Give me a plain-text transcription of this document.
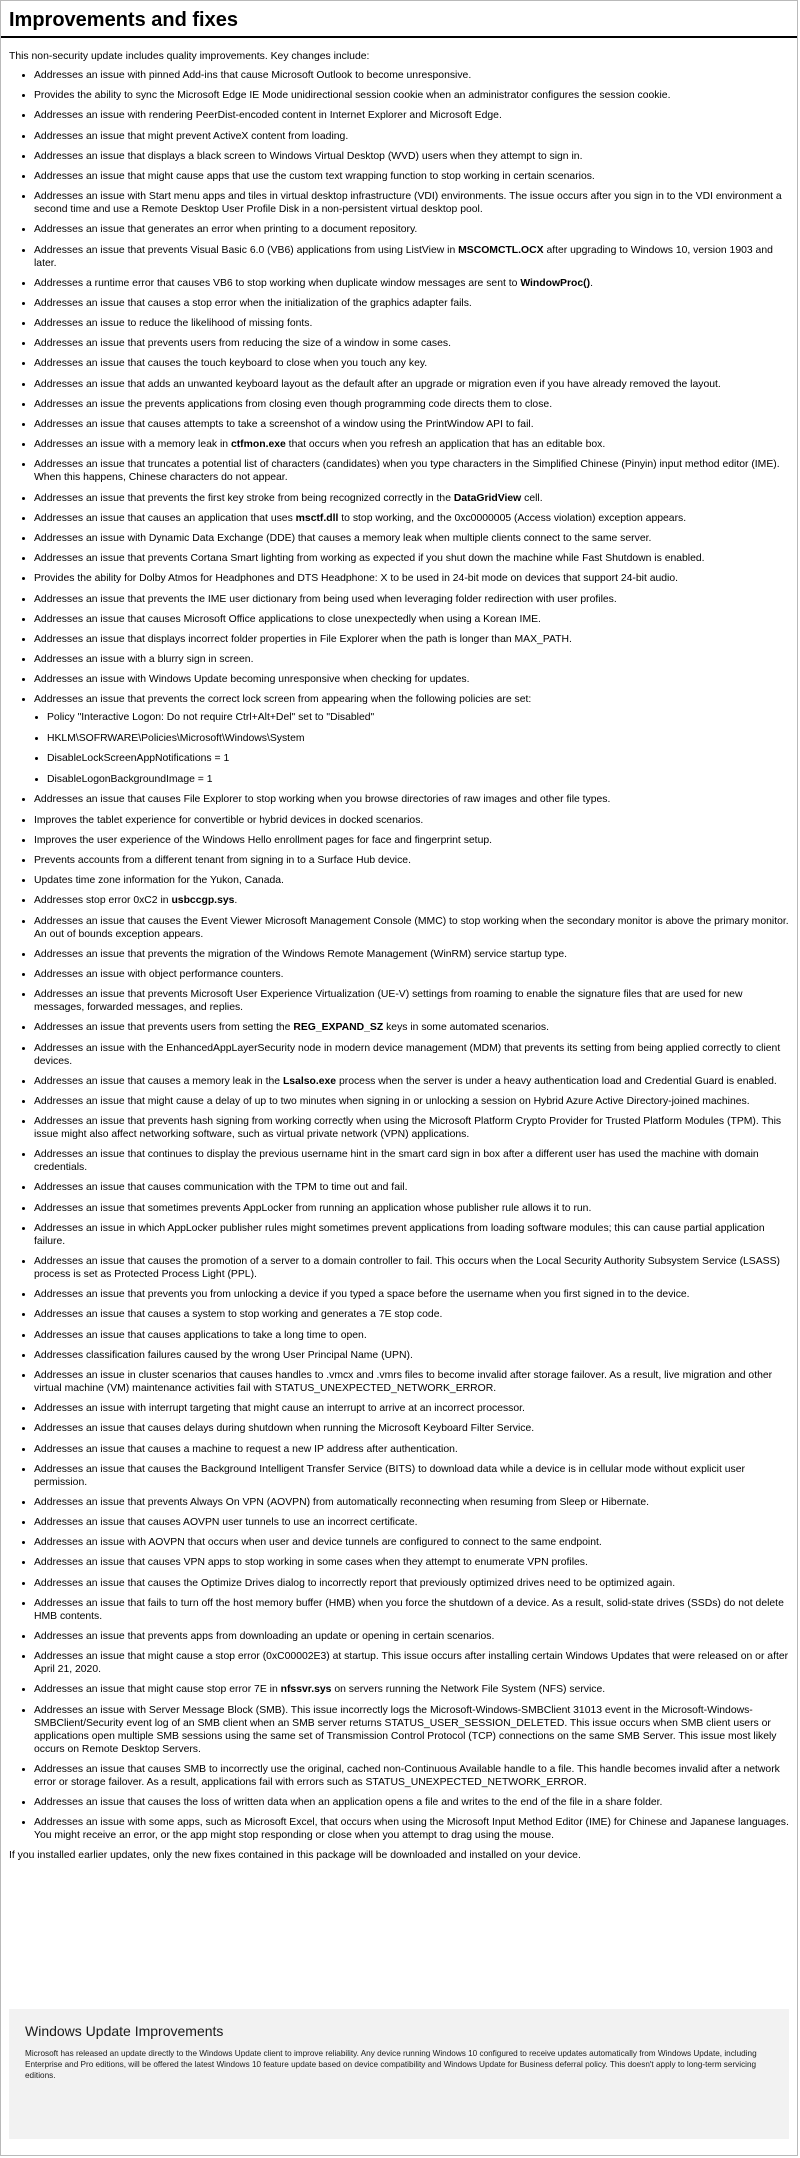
Improvements and fixes

This non-security update includes quality improvements. Key changes include:

• Addresses an issue with pinned Add-ins that cause Microsoft Outlook to become unresponsive.
• Provides the ability to sync the Microsoft Edge IE Mode unidirectional session cookie when an administrator configures the session cookie.
• Addresses an issue with rendering PeerDist-encoded content in Internet Explorer and Microsoft Edge.
• Addresses an issue that might prevent ActiveX content from loading.
• Addresses an issue that displays a black screen to Windows Virtual Desktop (WVD) users when they attempt to sign in.
• Addresses an issue that might cause apps that use the custom text wrapping function to stop working in certain scenarios.
• Addresses an issue with Start menu apps and tiles in virtual desktop infrastructure (VDI) environments. The issue occurs after you sign in to the VDI environment a second time and use a Remote Desktop User Profile Disk in a non-persistent virtual desktop pool.
• Addresses an issue that generates an error when printing to a document repository.
• Addresses an issue that prevents Visual Basic 6.0 (VB6) applications from using ListView in MSCOMCTL.OCX after upgrading to Windows 10, version 1903 and later.
• Addresses a runtime error that causes VB6 to stop working when duplicate window messages are sent to WindowProc().
• Addresses an issue that causes a stop error when the initialization of the graphics adapter fails.
• Addresses an issue to reduce the likelihood of missing fonts.
• Addresses an issue that prevents users from reducing the size of a window in some cases.
• Addresses an issue that causes the touch keyboard to close when you touch any key.
• Addresses an issue that adds an unwanted keyboard layout as the default after an upgrade or migration even if you have already removed the layout.
• Addresses an issue the prevents applications from closing even though programming code directs them to close.
• Addresses an issue that causes attempts to take a screenshot of a window using the PrintWindow API to fail.
• Addresses an issue with a memory leak in ctfmon.exe that occurs when you refresh an application that has an editable box.
• Addresses an issue that truncates a potential list of characters (candidates) when you type characters in the Simplified Chinese (Pinyin) input method editor (IME). When this happens, Chinese characters do not appear.
• Addresses an issue that prevents the first key stroke from being recognized correctly in the DataGridView cell.
• Addresses an issue that causes an application that uses msctf.dll to stop working, and the 0xc0000005 (Access violation) exception appears.
• Addresses an issue with Dynamic Data Exchange (DDE) that causes a memory leak when multiple clients connect to the same server.
• Addresses an issue that prevents Cortana Smart lighting from working as expected if you shut down the machine while Fast Shutdown is enabled.
• Provides the ability for Dolby Atmos for Headphones and DTS Headphone: X to be used in 24-bit mode on devices that support 24-bit audio.
• Addresses an issue that prevents the IME user dictionary from being used when leveraging folder redirection with user profiles.
• Addresses an issue that causes Microsoft Office applications to close unexpectedly when using a Korean IME.
• Addresses an issue that displays incorrect folder properties in File Explorer when the path is longer than MAX_PATH.
• Addresses an issue with a blurry sign in screen.
• Addresses an issue with Windows Update becoming unresponsive when checking for updates.
• Addresses an issue that prevents the correct lock screen from appearing when the following policies are set:
• Policy "Interactive Logon: Do not require Ctrl+Alt+Del" set to "Disabled"
• HKLM\SOFRWARE\Policies\Microsoft\Windows\System
• DisableLockScreenAppNotifications = 1
• DisableLogonBackgroundImage = 1
• Addresses an issue that causes File Explorer to stop working when you browse directories of raw images and other file types.
• Improves the tablet experience for convertible or hybrid devices in docked scenarios.
• Improves the user experience of the Windows Hello enrollment pages for face and fingerprint setup.
• Prevents accounts from a different tenant from signing in to a Surface Hub device.
• Updates time zone information for the Yukon, Canada.
• Addresses stop error 0xC2 in usbccgp.sys.
• Addresses an issue that causes the Event Viewer Microsoft Management Console (MMC) to stop working when the secondary monitor is above the primary monitor. An out of bounds exception appears.
• Addresses an issue that prevents the migration of the Windows Remote Management (WinRM) service startup type.
• Addresses an issue with object performance counters.
• Addresses an issue that prevents Microsoft User Experience Virtualization (UE-V) settings from roaming to enable the signature files that are used for new messages, forwarded messages, and replies.
• Addresses an issue that prevents users from setting the REG_EXPAND_SZ keys in some automated scenarios.
• Addresses an issue with the EnhancedAppLayerSecurity node in modern device management (MDM) that prevents its setting from being applied correctly to client devices.
• Addresses an issue that causes a memory leak in the Lsalso.exe process when the server is under a heavy authentication load and Credential Guard is enabled.
• Addresses an issue that might cause a delay of up to two minutes when signing in or unlocking a session on Hybrid Azure Active Directory-joined machines.
• Addresses an issue that prevents hash signing from working correctly when using the Microsoft Platform Crypto Provider for Trusted Platform Modules (TPM). This issue might also affect networking software, such as virtual private network (VPN) applications.
• Addresses an issue that continues to display the previous username hint in the smart card sign in box after a different user has used the machine with domain credentials.
• Addresses an issue that causes communication with the TPM to time out and fail.
• Addresses an issue that sometimes prevents AppLocker from running an application whose publisher rule allows it to run.
• Addresses an issue in which AppLocker publisher rules might sometimes prevent applications from loading software modules; this can cause partial application failure.
• Addresses an issue that causes the promotion of a server to a domain controller to fail. This occurs when the Local Security Authority Subsystem Service (LSASS) process is set as Protected Process Light (PPL).
• Addresses an issue that prevents you from unlocking a device if you typed a space before the username when you first signed in to the device.
• Addresses an issue that causes a system to stop working and generates a 7E stop code.
• Addresses an issue that causes applications to take a long time to open.
• Addresses classification failures caused by the wrong User Principal Name (UPN).
• Addresses an issue in cluster scenarios that causes handles to .vmcx and .vmrs files to become invalid after storage failover. As a result, live migration and other virtual machine (VM) maintenance activities fail with STATUS_UNEXPECTED_NETWORK_ERROR.
• Addresses an issue with interrupt targeting that might cause an interrupt to arrive at an incorrect processor.
• Addresses an issue that causes delays during shutdown when running the Microsoft Keyboard Filter Service.
• Addresses an issue that causes a machine to request a new IP address after authentication.
• Addresses an issue that causes the Background Intelligent Transfer Service (BITS) to download data while a device is in cellular mode without explicit user permission.
• Addresses an issue that prevents Always On VPN (AOVPN) from automatically reconnecting when resuming from Sleep or Hibernate.
• Addresses an issue that causes AOVPN user tunnels to use an incorrect certificate.
• Addresses an issue with AOVPN that occurs when user and device tunnels are configured to connect to the same endpoint.
• Addresses an issue that causes VPN apps to stop working in some cases when they attempt to enumerate VPN profiles.
• Addresses an issue that causes the Optimize Drives dialog to incorrectly report that previously optimized drives need to be optimized again.
• Addresses an issue that fails to turn off the host memory buffer (HMB) when you force the shutdown of a device. As a result, solid-state drives (SSDs) do not delete HMB contents.
• Addresses an issue that prevents apps from downloading an update or opening in certain scenarios.
• Addresses an issue that might cause a stop error (0xC00002E3) at startup. This issue occurs after installing certain Windows Updates that were released on or after April 21, 2020.
• Addresses an issue that might cause stop error 7E in nfssvr.sys on servers running the Network File System (NFS) service.
• Addresses an issue with Server Message Block (SMB). This issue incorrectly logs the Microsoft-Windows-SMBClient 31013 event in the Microsoft-Windows-SMBClient/Security event log of an SMB client when an SMB server returns STATUS_USER_SESSION_DELETED. This issue occurs when SMB client users or applications open multiple SMB sessions using the same set of Transmission Control Protocol (TCP) connections on the same SMB Server. This issue most likely occurs on Remote Desktop Servers.
• Addresses an issue that causes SMB to incorrectly use the original, cached non-Continuous Available handle to a file. This handle becomes invalid after a network error or storage failover. As a result, applications fail with errors such as STATUS_UNEXPECTED_NETWORK_ERROR.
• Addresses an issue that causes the loss of written data when an application opens a file and writes to the end of the file in a share folder.
• Addresses an issue with some apps, such as Microsoft Excel, that occurs when using the Microsoft Input Method Editor (IME) for Chinese and Japanese languages. You might receive an error, or the app might stop responding or close when you attempt to drag using the mouse.

If you installed earlier updates, only the new fixes contained in this package will be downloaded and installed on your device.

Windows Update Improvements

Microsoft has released an update directly to the Windows Update client to improve reliability. Any device running Windows 10 configured to receive updates automatically from Windows Update, including Enterprise and Pro editions, will be offered the latest Windows 10 feature update based on device compatibility and Windows Update for Business deferral policy. This doesn't apply to long-term servicing editions.
